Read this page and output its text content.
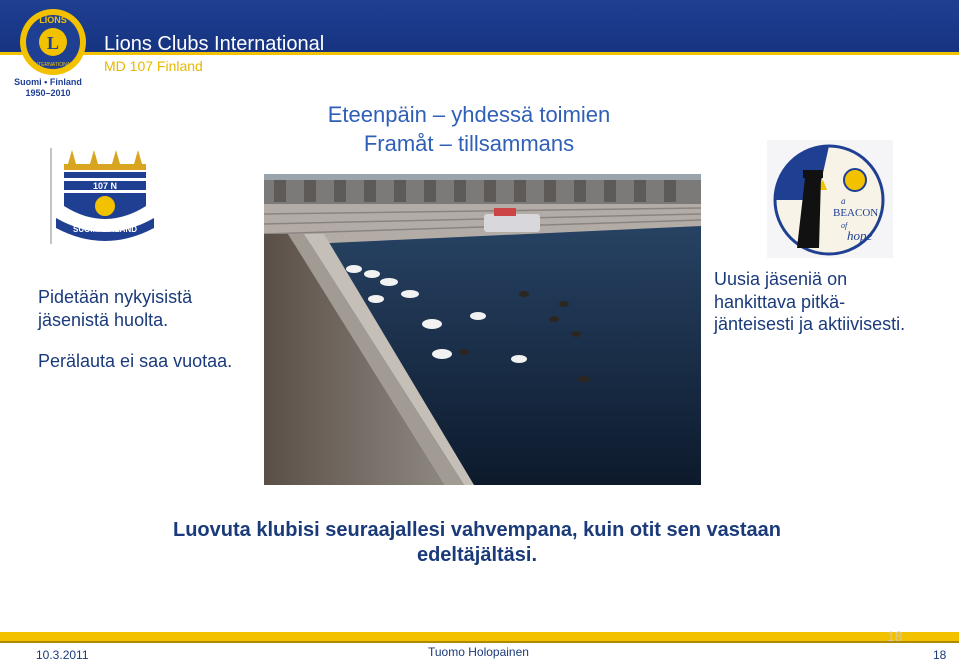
L
LIONS
INTERNATIONAL
Suomi • Finland
1950–2010
Lions Clubs International
MD 107 Finland
Eteenpäin – yhdessä toimien
Framåt – tillsammans
107 N
SUOMI-FINLAND

Pidetään nykyisistä jäsenistä huolta.

Perälauta ei saa vuotaa.

a
BEACON
of
hope
Uusia jäseniä on hankittava pitkä-jänteisesti ja aktiivisesti.
Luovuta klubisi seuraajallesi vahvempana, kuin otit sen vastaan edeltäjältäsi.
18
10.3.2011	Tuomo Holopainen	18
